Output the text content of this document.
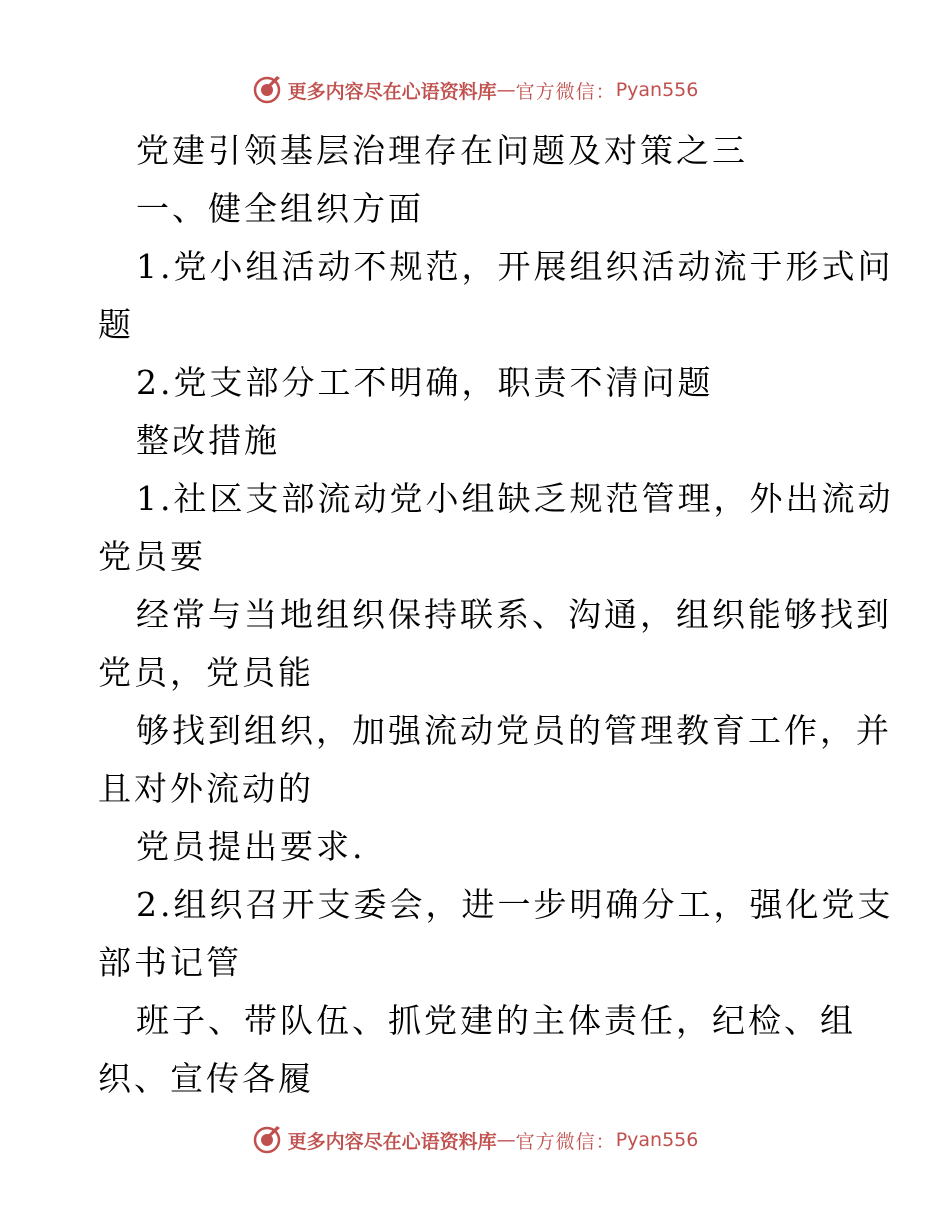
更多内容尽在心语资料库 — 官方微信： Pyan556
党建引领基层治理存在问题及对策之三
一、健全组织方面
1.党小组活动不规范，开展组织活动流于形式问
题
2.党支部分工不明确，职责不清问题
整改措施
1.社区支部流动党小组缺乏规范管理，外出流动
党员要
经常与当地组织保持联系、沟通，组织能够找到
党员，党员能
够找到组织，加强流动党员的管理教育工作，并
且对外流动的
党员提出要求.
2.组织召开支委会，进一步明确分工，强化党支
部书记管
班子、带队伍、抓党建的主体责任，纪检、组
织、宣传各履
更多内容尽在心语资料库 — 官方微信： Pyan556
